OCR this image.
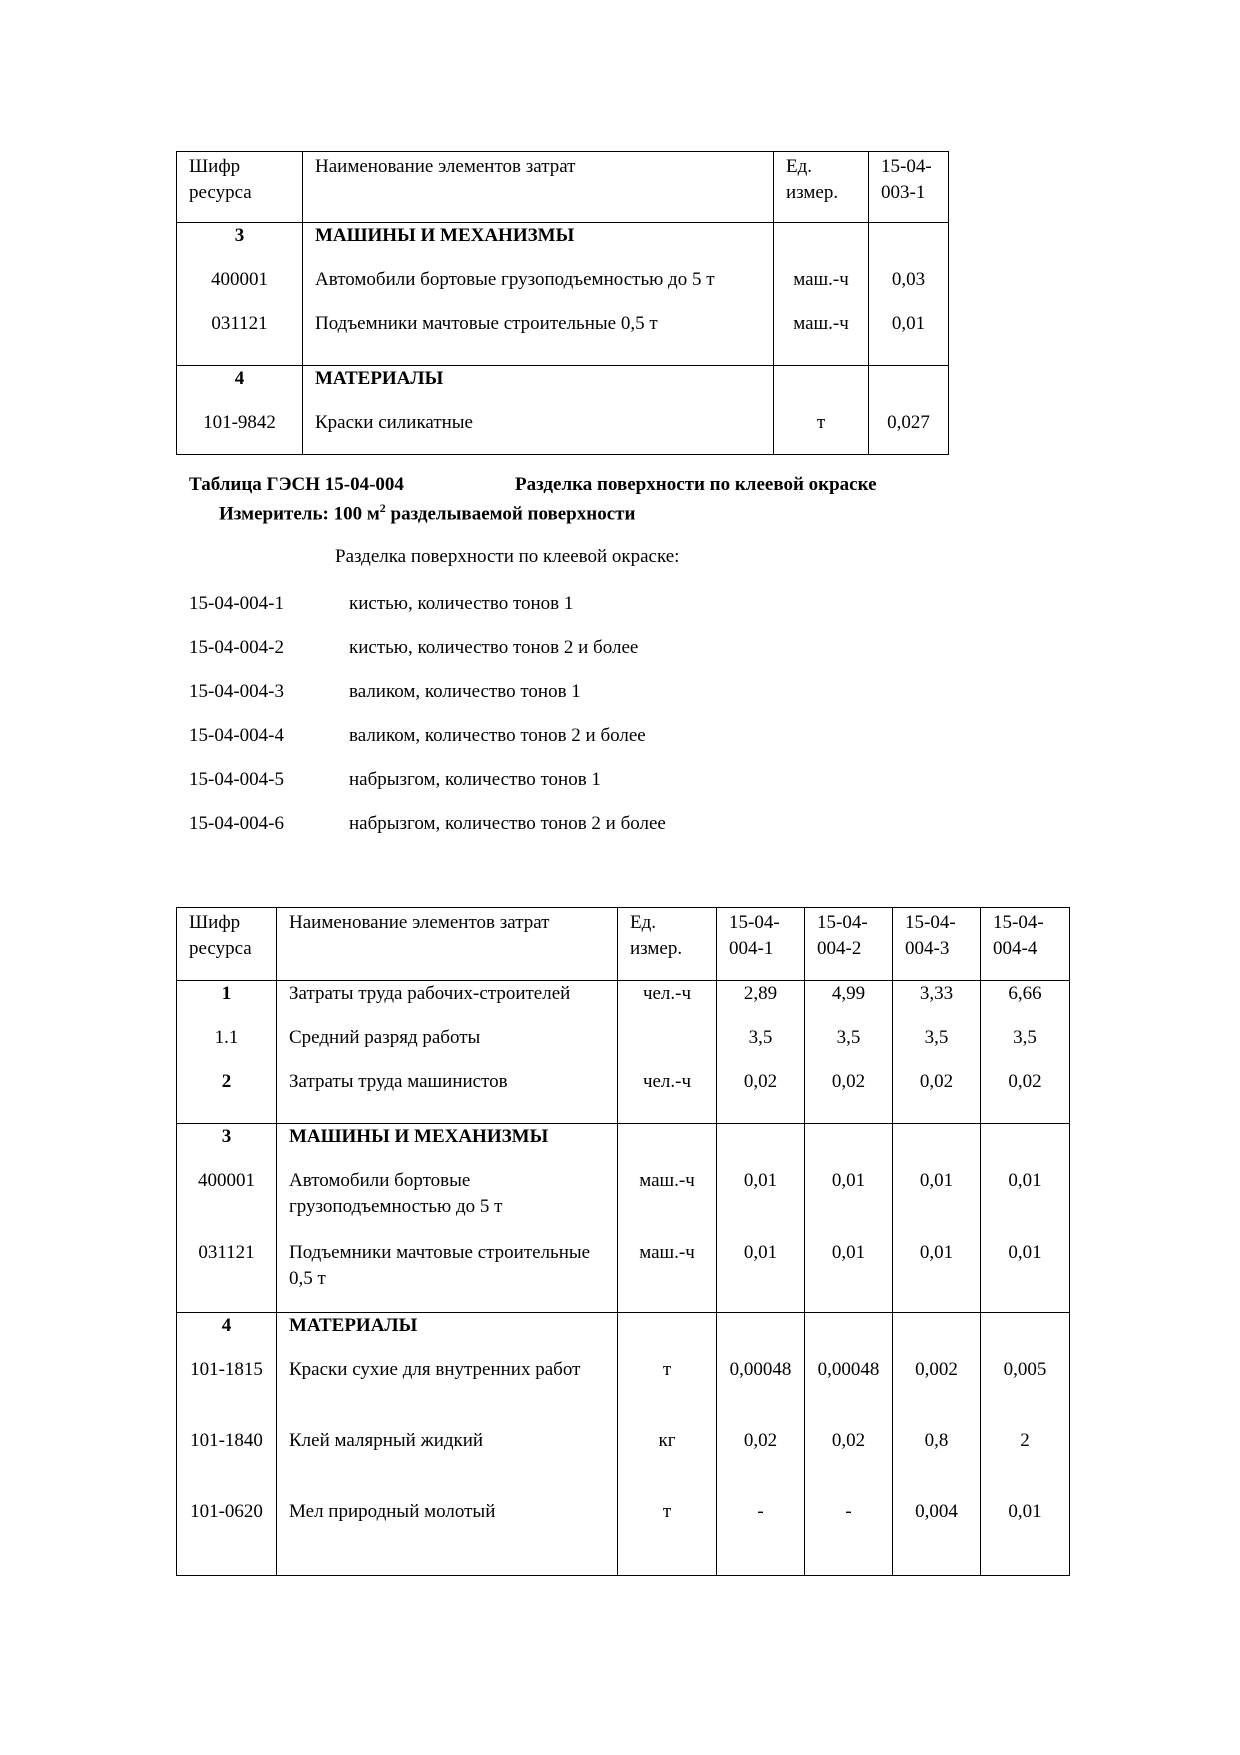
Шифр ресурса	Наименование элементов затрат	Ед. измер.	15-04-003-1
3	МАШИНЫ И МЕХАНИЗМЫ		
400001	Автомобили бортовые грузоподъемностью до 5 т	маш.-ч	0,03
031121	Подъемники мачтовые строительные 0,5 т	маш.-ч	0,01
4	МАТЕРИАЛЫ		
101-9842	Краски силикатные	т	0,027
Таблица ГЭСН 15-04-004	Разделка поверхности по клеевой окраске
Измеритель: 100 $м^2$ разделываемой поверхности
Разделка поверхности по клеевой окраске:
15-04-004-1	кистью, количество тонов 1
15-04-004-2	кистью, количество тонов 2 и более
15-04-004-3	валиком, количество тонов 1
15-04-004-4	валиком, количество тонов 2 и более
15-04-004-5	набрызгом, количество тонов 1
15-04-004-6	набрызгом, количество тонов 2 и более
Шифр ресурса	Наименование элементов затрат	Ед. измер.	15-04-004-1	15-04-004-2	15-04-004-3	15-04-004-4
1	Затраты труда рабочих-строителей	чел.-ч	2,89	4,99	3,33	6,66
1.1	Средний разряд работы		3,5	3,5	3,5	3,5
2	Затраты труда машинистов	чел.-ч	0,02	0,02	0,02	0,02
3	МАШИНЫ И МЕХАНИЗМЫ					
400001	Автомобили бортовые грузоподъемностью до 5 т	маш.-ч	0,01	0,01	0,01	0,01
031121	Подъемники мачтовые строительные 0,5 т	маш.-ч	0,01	0,01	0,01	0,01
4	МАТЕРИАЛЫ					
101-1815	Краски сухие для внутренних работ	т	0,00048	0,00048	0,002	0,005
101-1840	Клей малярный жидкий	кг	0,02	0,02	0,8	2
101-0620	Мел природный молотый	т	-	-	0,004	0,01
